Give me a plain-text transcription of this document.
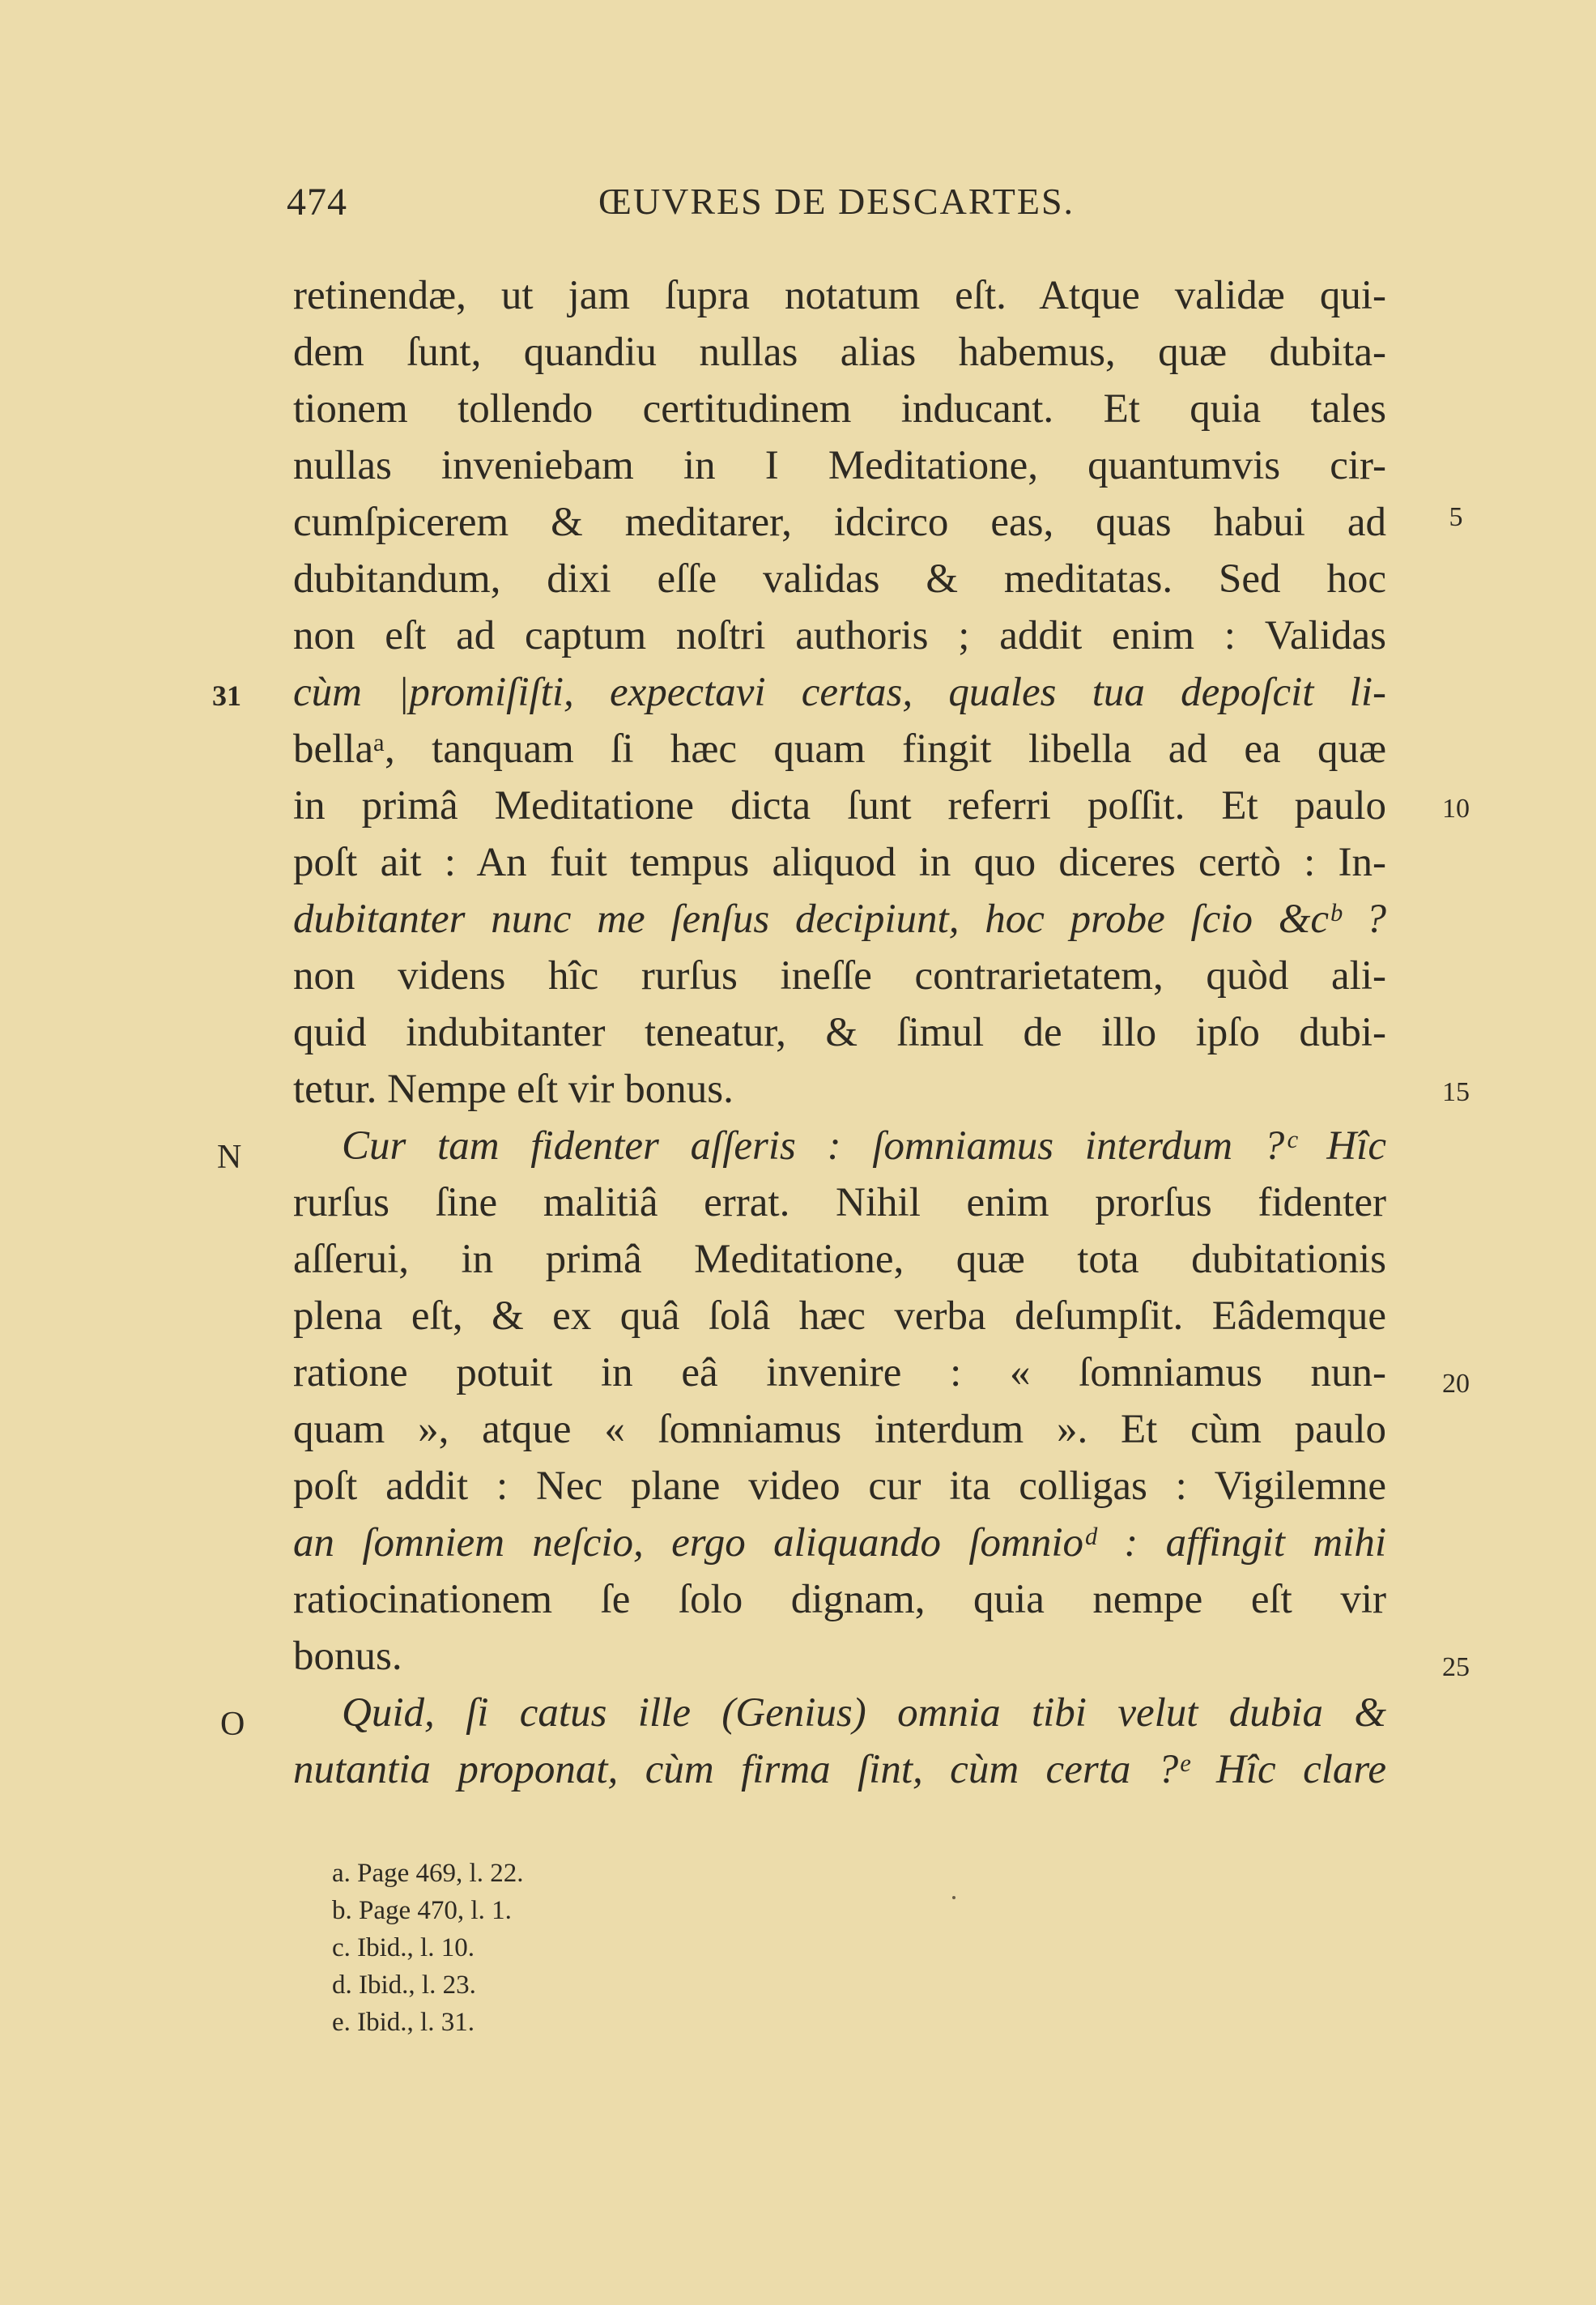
474	ŒUVRES DE DESCARTES.
retinendæ, ut jam ſupra notatum eſt. Atque validæ qui-
dem ſunt, quandiu nullas alias habemus, quæ dubita-
tionem tollendo certitudinem inducant. Et quia tales
nullas inveniebam in I Meditatione, quantumvis cir-
cumſpicerem & meditarer, idcirco eas, quas habui ad
dubitandum, dixi eſſe validas & meditatas. Sed hoc
non eſt ad captum noſtri authoris ; addit enim : Validas
cùm |promiſiſti, expectavi certas, quales tua depoſcit li-
bellaᵃ, tanquam ſi hæc quam fingit libella ad ea quæ
in primâ Meditatione dicta ſunt referri poſſit. Et paulo
poſt ait : An fuit tempus aliquod in quo diceres certò : In-
dubitanter nunc me ſenſus decipiunt, hoc probe ſcio &cᵇ ?
non videns hîc rurſus ineſſe contrarietatem, quòd ali-
quid indubitanter teneatur, & ſimul de illo ipſo dubi-
tetur. Nempe eſt vir bonus.
Cur tam fidenter aſſeris : ſomniamus interdum ?ᶜ Hîc
rurſus ſine malitiâ errat. Nihil enim prorſus fidenter
aſſerui, in primâ Meditatione, quæ tota dubitationis
plena eſt, & ex quâ ſolâ hæc verba deſumpſit. Eâdemque
ratione potuit in eâ invenire : « ſomniamus nun-
quam », atque « ſomniamus interdum ». Et cùm paulo
poſt addit : Nec plane video cur ita colligas : Vigilemne
an ſomniem neſcio, ergo aliquando ſomnioᵈ : affingit mihi
ratiocinationem ſe ſolo dignam, quia nempe eſt vir
bonus.
Quid, ſi catus ille (Genius) omnia tibi velut dubia &
nutantia proponat, cùm firma ſint, cùm certa ?ᵉ Hîc clare
5
10
15
20
25
31
N
O
a. Page 469, l. 22.
b. Page 470, l. 1.
c. Ibid., l. 10.
d. Ibid., l. 23.
e. Ibid., l. 31.
